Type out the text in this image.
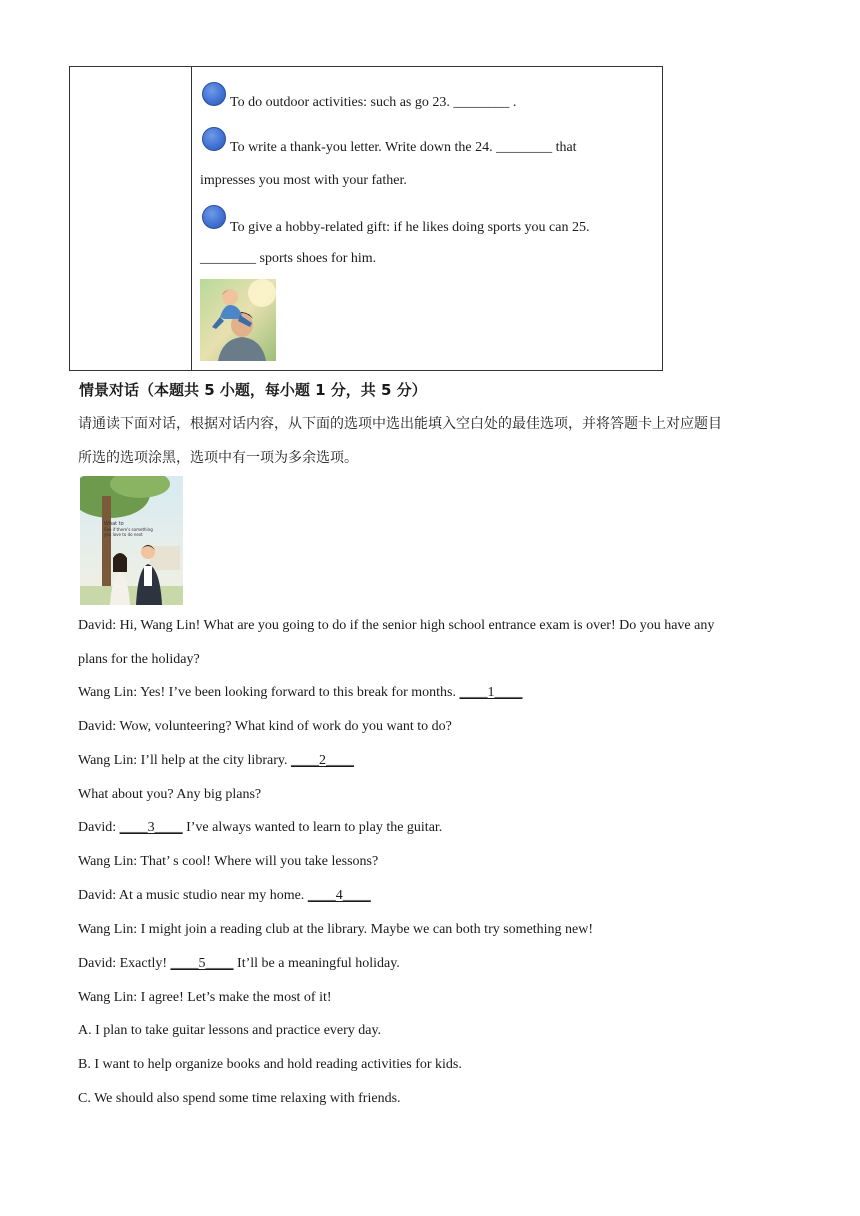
To do outdoor activities: such as go 23. ________ .
To write a thank-you letter. Write down the 24. ________ that
impresses you most with your father.
To give a hobby-related gift: if he likes doing sports you can 25.
________ sports shoes for him.
情景对话（本题共 5 小题，每小题 1 分，共 5 分）
请通读下面对话，根据对话内容，从下面的选项中选出能填入空白处的最佳选项，并将答题卡上对应题目
所选的选项涂黑，选项中有一项为多余选项。
What to
See if there's something
you love to do next
David: Hi, Wang Lin! What are you going to do if the senior high school entrance exam is over! Do you have any
plans for the holiday?
Wang Lin: Yes! I’ve been looking forward to this break for months. ____1____
David: Wow, volunteering? What kind of work do you want to do?
Wang Lin: I’ll help at the city library. ____2____
What about you? Any big plans?
David: ____3____ I’ve always wanted to learn to play the guitar.
Wang Lin: That’ s cool! Where will you take lessons?
David: At a music studio near my home. ____4____
Wang Lin: I might join a reading club at the library. Maybe we can both try something new!
David: Exactly! ____5____ It’ll be a meaningful holiday.
Wang Lin: I agree! Let’s make the most of it!
A. I plan to take guitar lessons and practice every day.
B. I want to help organize books and hold reading activities for kids.
C. We should also spend some time relaxing with friends.
